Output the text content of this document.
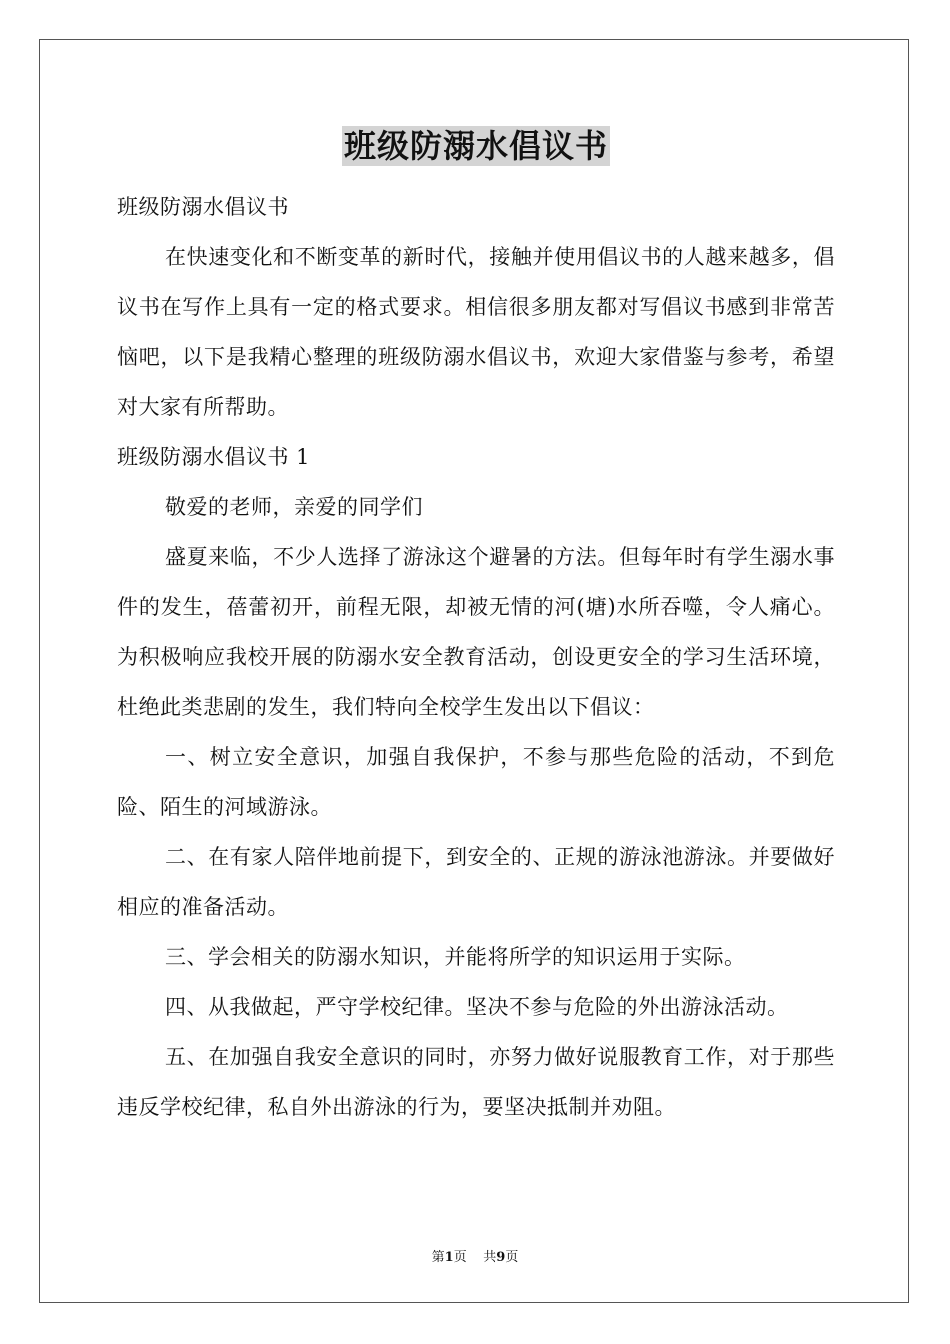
班级防溺水倡议书

班级防溺水倡议书

在快速变化和不断变革的新时代，接触并使用倡议书的人越来越多，倡议书在写作上具有一定的格式要求。相信很多朋友都对写倡议书感到非常苦恼吧，以下是我精心整理的班级防溺水倡议书，欢迎大家借鉴与参考，希望对大家有所帮助。

班级防溺水倡议书 1

敬爱的老师，亲爱的同学们

盛夏来临，不少人选择了游泳这个避暑的方法。但每年时有学生溺水事件的发生，蓓蕾初开，前程无限，却被无情的河(塘)水所吞噬，令人痛心。为积极响应我校开展的防溺水安全教育活动，创设更安全的学习生活环境，杜绝此类悲剧的发生，我们特向全校学生发出以下倡议：

一、树立安全意识，加强自我保护，不参与那些危险的活动，不到危险、陌生的河域游泳。

二、在有家人陪伴地前提下，到安全的、正规的游泳池游泳。并要做好相应的准备活动。

三、学会相关的防溺水知识，并能将所学的知识运用于实际。

四、从我做起，严守学校纪律。坚决不参与危险的外出游泳活动。

五、在加强自我安全意识的同时，亦努力做好说服教育工作，对于那些违反学校纪律，私自外出游泳的行为，要坚决抵制并劝阻。

第1页 共9页
